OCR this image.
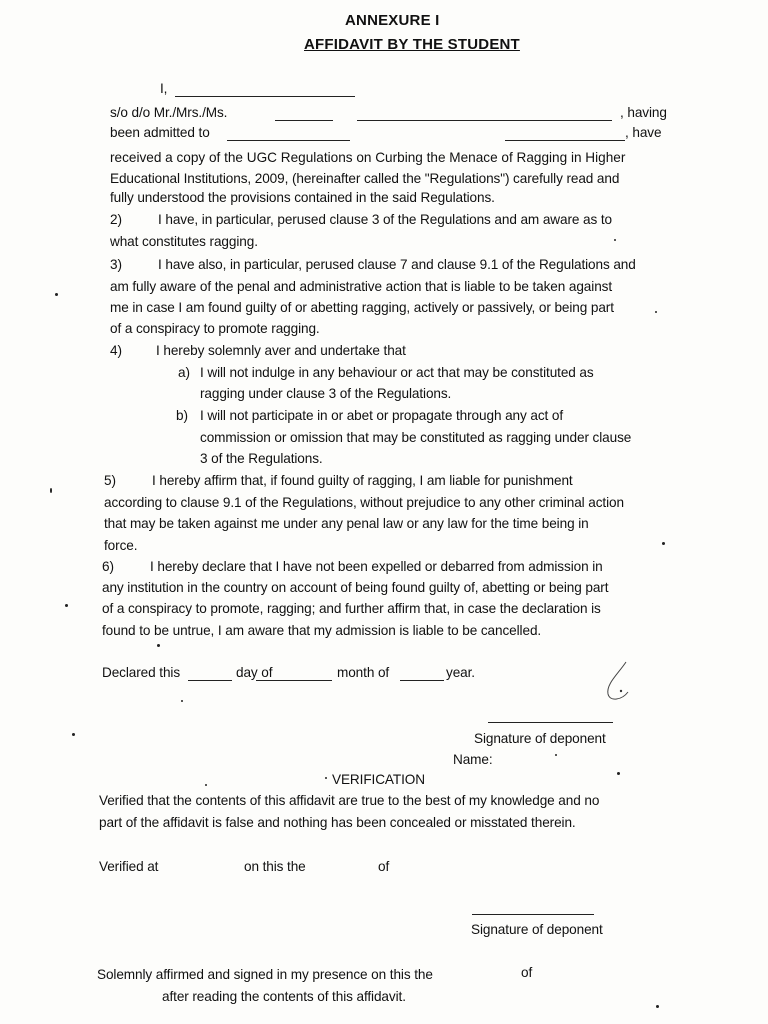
ANNEXURE I
AFFIDAVIT BY THE STUDENT
I,
s/o d/o Mr./Mrs./Ms.	, having
been admitted to	, have
received a copy of the UGC Regulations on Curbing the Menace of Ragging in Higher
Educational Institutions, 2009, (hereinafter called the "Regulations") carefully read and
fully understood the provisions contained in the said Regulations.
2)	I have, in particular, perused clause 3 of the Regulations and am aware as to
what constitutes ragging.
3)	I have also, in particular, perused clause 7 and clause 9.1 of the Regulations and
am fully aware of the penal and administrative action that is liable to be taken against
me in case I am found guilty of or abetting ragging, actively or passively, or being part
of a conspiracy to promote ragging.
4)	I hereby solemnly aver and undertake that
a) I will not indulge in any behaviour or act that may be constituted as
ragging under clause 3 of the Regulations.
b) I will not participate in or abet or propagate through any act of
commission or omission that may be constituted as ragging under clause
3 of the Regulations.
5)	I hereby affirm that, if found guilty of ragging, I am liable for punishment
according to clause 9.1 of the Regulations, without prejudice to any other criminal action
that may be taken against me under any penal law or any law for the time being in
force.
6)	I hereby declare that I have not been expelled or debarred from admission in
any institution in the country on account of being found guilty of, abetting or being part
of a conspiracy to promote, ragging; and further affirm that, in case the declaration is
found to be untrue, I am aware that my admission is liable to be cancelled.
Declared this	day of	month of	year.
Signature of deponent
Name:
VERIFICATION
Verified that the contents of this affidavit are true to the best of my knowledge and no
part of the affidavit is false and nothing has been concealed or misstated therein.
Verified at	on this the	of
Signature of deponent
Solemnly affirmed and signed in my presence on this the	of
after reading the contents of this affidavit.
